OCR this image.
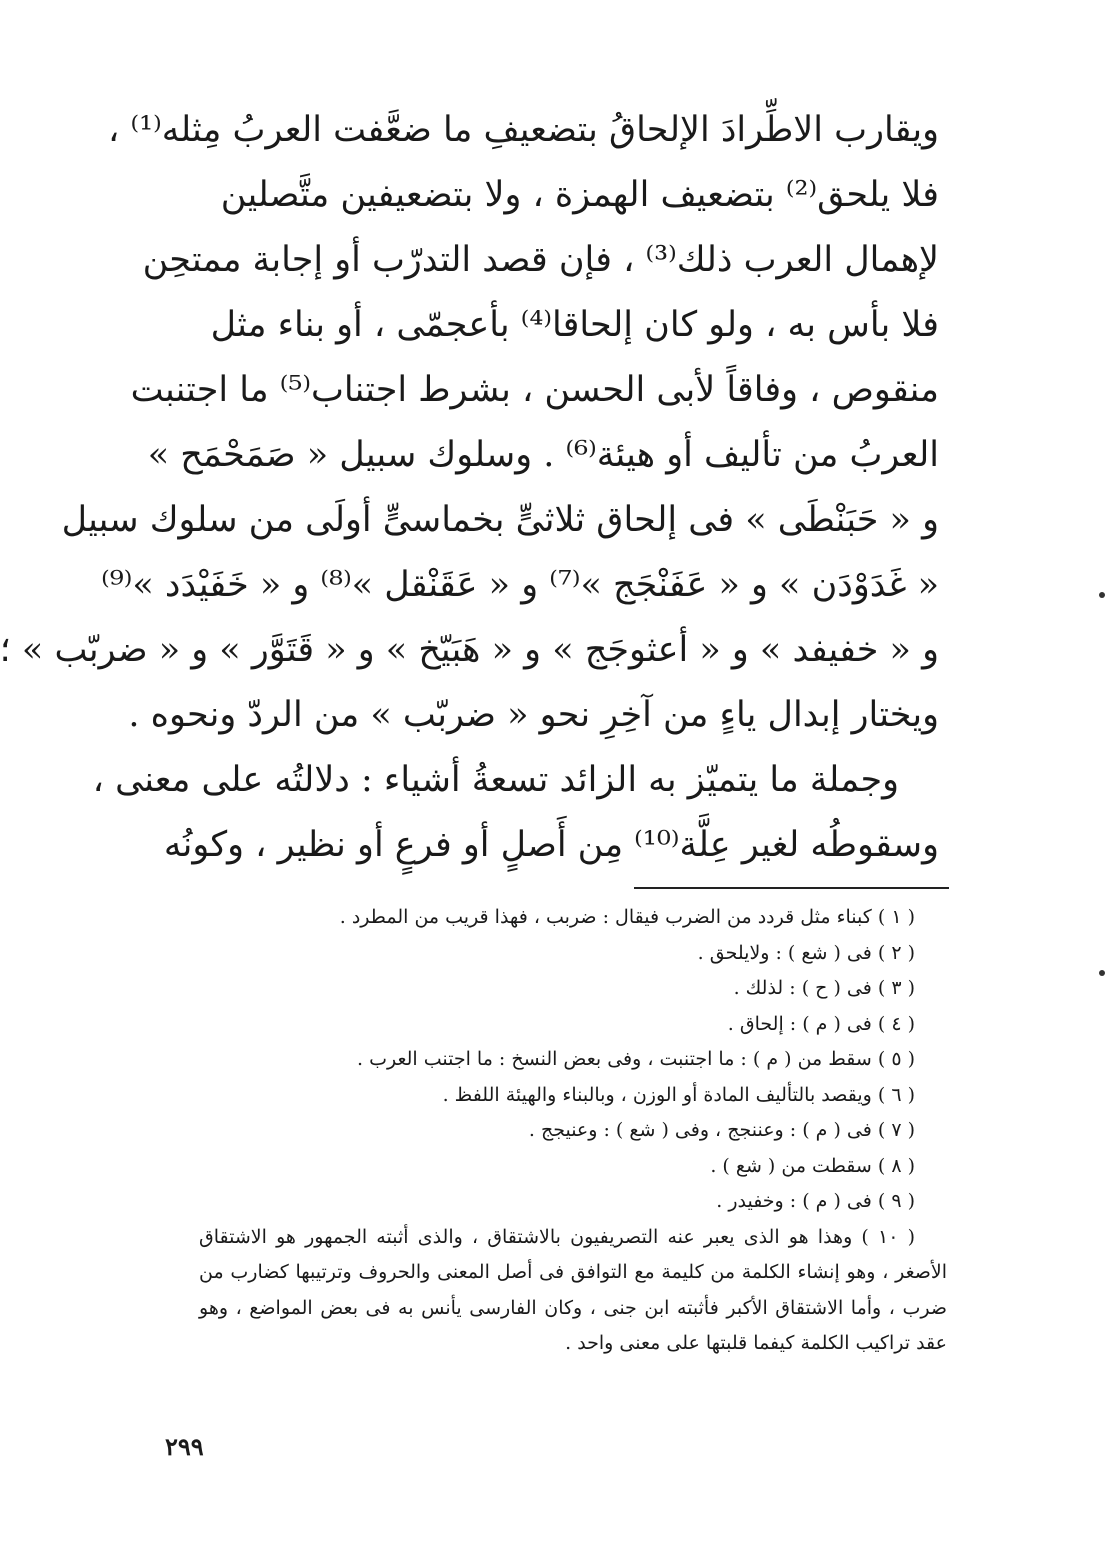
ويقارب الاطِّرادَ الإلحاقُ بتضعيفِ ما ضعَّفت العربُ مِثله⁽¹⁾ ،
فلا يلحق⁽²⁾ بتضعيف الهمزة ، ولا بتضعيفين متَّصلين
لإهمال العرب ذلك⁽³⁾ ، فإن قصد التدرّب أو إجابة ممتحِن
فلا بأس به ، ولو كان إلحاقا⁽⁴⁾ بأعجمّى ، أو بناء مثل
منقوص ، وفاقاً لأبى الحسن ، بشرط اجتناب⁽⁵⁾ ما اجتنبت
العربُ من تأليف أو هيئة⁽⁶⁾ . وسلوك سبيل « صَمَحْمَح »
و « حَبَنْطَى » فى إلحاق ثلاثىٍّ بخماسىٍّ أولَى من سلوك سبيل
« غَدَوْدَن » و « عَفَنْجَج »⁽⁷⁾ و « عَقَنْقل »⁽⁸⁾ و « خَفَيْدَد »⁽⁹⁾
و « خفيفد » و « أعثوجَج » و « هَبَيّخ » و « قَتَوَّر » و « ضربّب » ؛
ويختار إبدال ياءٍ من آخِرِ نحو « ضربّب » من الردّ ونحوه .
وجملة ما يتميّز به الزائد تسعةُ أشياء : دلالتُه على معنى ،
وسقوطُه لغير عِلَّة⁽¹⁰⁾ مِن أَصلٍ أو فرعٍ أو نظير ، وكونُه
( ١ ) كبناء مثل قردد من الضرب فيقال : ضربب ، فهذا قريب من المطرد .
( ٢ ) فى ( شع ) : ولايلحق .
( ٣ ) فى ( ح ) : لذلك .
( ٤ ) فى ( م ) : إلحاق .
( ٥ ) سقط من ( م ) : ما اجتنبت ، وفى بعض النسخ : ما اجتنب العرب .
( ٦ ) ويقصد بالتأليف المادة أو الوزن ، وبالبناء والهيئة اللفظ .
( ٧ ) فى ( م ) : وعننجج ، وفى ( شع ) : وعنيجج .
( ٨ ) سقطت من ( شع ) .
( ٩ ) فى ( م ) : وخفيدر .
( ١٠ ) وهذا هو الذى يعبر عنه التصريفيون بالاشتقاق ، والذى أثبته الجمهور هو الاشتقاق
الأصغر ، وهو إنشاء الكلمة من كليمة مع التوافق فى أصل المعنى والحروف وترتيبها كضارب من
ضرب ، وأما الاشتقاق الأكبر فأثبته ابن جنى ، وكان الفارسى يأنس به فى بعض المواضع ، وهو
عقد تراكيب الكلمة كيفما قلبتها على معنى واحد .
٢٩٩
